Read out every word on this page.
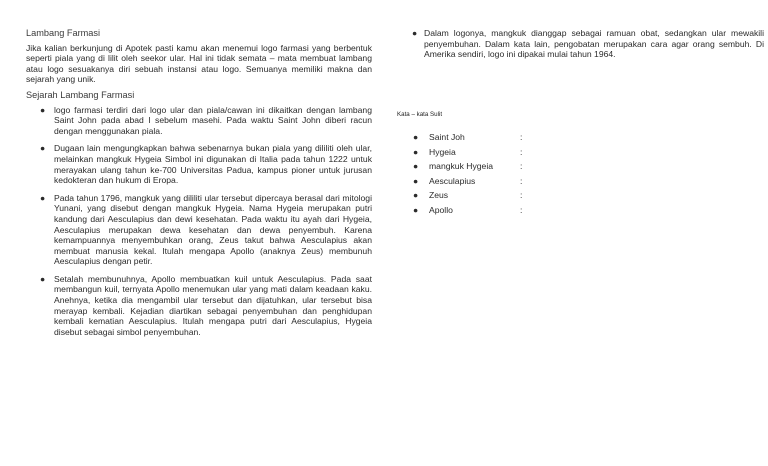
Lambang Farmasi

Jika kalian berkunjung di Apotek pasti kamu akan menemui logo farmasi yang berbentuk seperti piala yang di lilit oleh seekor ular. Hal ini tidak semata – mata membuat lambang atau logo sesuakanya diri sebuah instansi atau logo. Semuanya memiliki makna dan sejarah yang unik.

Sejarah Lambang Farmasi
● logo farmasi terdiri dari logo ular dan piala/cawan ini dikaitkan dengan lambang Saint John pada abad I sebelum masehi. Pada waktu Saint John diberi racun dengan menggunakan piala.
● Dugaan lain mengungkapkan bahwa sebenarnya bukan piala yang dililiti oleh ular, melainkan mangkuk Hygeia Simbol ini digunakan di Italia pada tahun 1222 untuk merayakan ulang tahun ke-700 Universitas Padua, kampus pioner untuk jurusan kedokteran dan hukum di Eropa.
● Pada tahun 1796, mangkuk yang dililiti ular tersebut dipercaya berasal dari mitologi Yunani, yang disebut dengan mangkuk Hygeia. Nama Hygeia merupakan putri kandung dari Aesculapius dan dewi kesehatan. Pada waktu itu ayah dari Hygeia, Aesculapius merupakan dewa kesehatan dan dewa penyembuh. Karena kemampuannya menyembuhkan orang, Zeus takut bahwa Aesculapius akan membuat manusia kekal. Itulah mengapa Apollo (anaknya Zeus) membunuh Aesculapius dengan petir.
● Setalah membunuhnya, Apollo membuatkan kuil untuk Aesculapius. Pada saat membangun kuil, ternyata Apollo menemukan ular yang mati dalam keadaan kaku. Anehnya, ketika dia mengambil ular tersebut dan dijatuhkan, ular tersebut bisa merayap kembali. Kejadian diartikan sebagai penyembuhan dan penghidupan kembali kematian Aesculapius. Itulah mengapa putri dari Aesculapius, Hygeia disebut sebagai simbol penyembuhan.
● Dalam logonya, mangkuk dianggap sebagai ramuan obat, sedangkan ular mewakili penyembuhan. Dalam kata lain, pengobatan merupakan cara agar orang sembuh. Di Amerika sendiri, logo ini dipakai mulai tahun 1964.
Kata – kata Sulit
● Saint Joh	:
● Hygeia	:
● mangkuk Hygeia	:
● Aesculapius	:
● Zeus	:
● Apollo	:
